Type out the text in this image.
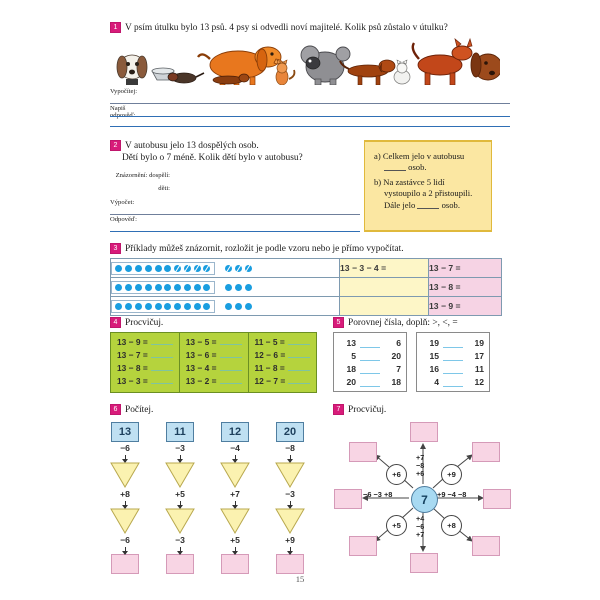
1 V psím útulku bylo 13 psů. 4 psy si odvedli noví majitelé. Kolik psů zůstalo v útulku?
Vypočítej:
Napiš
2 V autobusu jelo 13 dospělých osob.
Dětí bylo o 7 méně. Kolik dětí bylo v autobusu?
Znázornění: dospělí:
děti:
Výpočet:
Odpověď:

a) Celkem jelo v autobusu

osob.

b) Na zastávce 5 lidí

vystoupilo a 2 přistoupili.
Dále jelo	osob.

3 Příklady můžeš znázornit, rozložit je podle vzoru nebo je přímo vypočítat.
	13 − 3 − 4 =	13 − 7 =

		13 − 8 =

		13 − 9 =
4 Procvičuj.
13 − 9 =
13 − 7 =
13 − 8 =
13 − 3 =
13 − 5 =
13 − 6 =
13 − 4 =
13 − 2 =
11 − 5 =
12 − 6 =
11 − 8 =
12 − 7 =
5 Porovnej čísla, doplň: >, <, =
13	6
5	20
18	7
20	18
19	19
15	17
16	11
4	12
6 Počítej.
13
−6
+8
−6
11
−3
+5
−3
12
−4
+7
+5
20
−8
−3
+9
7 Procvičuj.
+6	+9
+5	+8
7
−6 −3 +8	+9 −4 −8
+7
−8
+6
+4
−6
+7
15
